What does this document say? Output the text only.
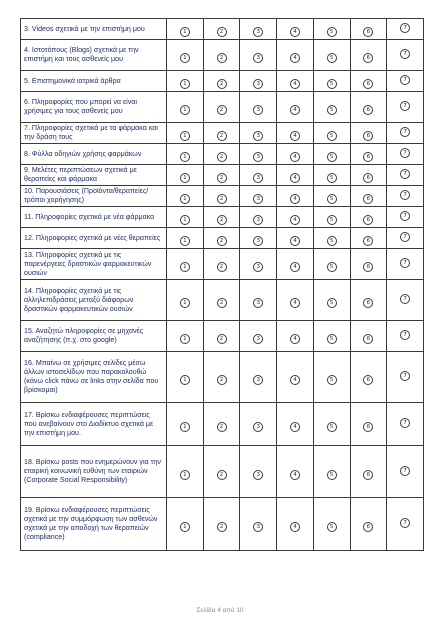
3. Videos σχετικά με την επιστήμη μου	1	2	3	4	5	6	7
4. Ιστοτόπους (Blogs) σχετικά με την επιστήμη και τους ασθενείς μου	1	2	3	4	5	6	7
5. Επιστημονικά ιατρικά άρθρα	1	2	3	4	5	6	7
6. Πληροφορίες που μπορεί να είναι χρήσιμες για τους ασθενείς μου	1	2	3	4	5	6	7
7. Πληροφορίες σχετικά με τα φάρμακα και την δράση τους	1	2	3	4	5	6	7
8. Φύλλα οδηγιών χρήσης φαρμάκων	1	2	3	4	5	6	7
9. Μελέτες περιπτώσεων σχετικά με θεραπείες και φάρμακα	1	2	3	4	5	6	7
10. Παρουσιάσεις (Προϊόντα/θεραπείες/τρόποι χορήγησης)	1	2	3	4	5	6	7
11. Πληροφορίες σχετικά με νέα φάρμακα	1	2	3	4	5	6	7
12. Πληροφορίες σχετικά με νέες θεραπείες	1	2	3	4	5	6	7
13. Πληροφορίες σχετικά με τις παρενέργειες δραστικών φαρμακευτικών ουσιών	1	2	3	4	5	6	7
14. Πληροφορίες σχετικά με τις αλληλεπιδράσεις μεταξύ διάφορων δραστικών φαρμακευτικών ουσιών	1	2	3	4	5	6	7
15. Αναζητώ πληροφορίες σε μηχανές αναζήτησης (π.χ. στο google)	1	2	3	4	5	6	7
16. Μπαίνω σε χρήσιμες σελίδες μέσω άλλων ιστοσελίδων που παρακολουθώ (κάνω click πάνω σε links στην σελίδα που βρίσκομαι)	1	2	3	4	5	6	7
17. Βρίσκω ενδιαφέρουσες περιπτώσεις που ανεβαίνουν στο Διαδίκτυο σχετικά με την επιστήμη μου.	1	2	3	4	5	6	7
18. Βρίσκω posts που ενημερώνουν για την εταιρική κοινωνική ευθύνη των εταιριών (Corporate Social Responsibility)	1	2	3	4	5	6	7
19. Βρίσκω ενδιαφέρουσες περιπτώσεις σχετικά με την συμμόρφωση των ασθενών σχετικά με την αποδοχή των θεραπειών (compliance)	1	2	3	4	5	6	7
Σελίδα 4 από 10
